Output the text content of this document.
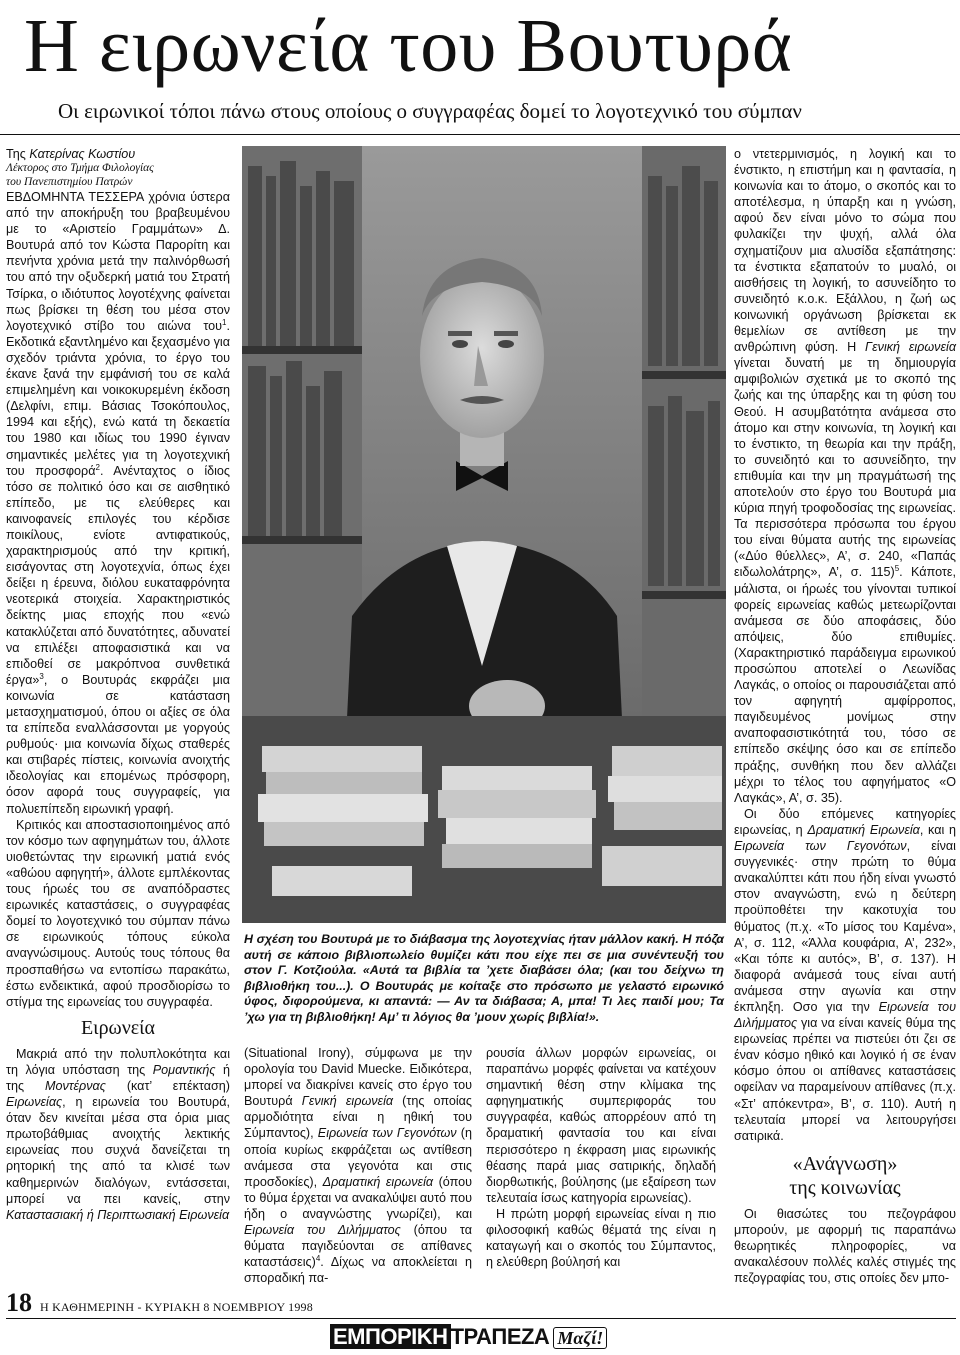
Η ειρωνεία του Βουτυρά
Οι ειρωνικοί τόποι πάνω στους οποίους ο συγγραφέας δομεί το λογοτεχνικό του σύμπαν

Της Κατερίνας Κωστίου

Λέκτορος στο Τμήμα Φιλολογίας
του Πανεπιστημίου Πατρών

ΕΒΔΟΜΗΝΤΑ ΤΕΣΣΕΡΑ χρόνια ύστερα από την αποκήρυξη του βραβευμένου με το «Αριστείο Γραμμάτων» Δ. Βουτυρά από τον Κώστα Παρορίτη και πενήντα χρόνια μετά την παλινόρθωσή του από την οξυδερκή ματιά του Στρατή Τσίρκα, ο ιδιότυπος λογοτέχνης φαίνεται πως βρίσκει τη θέση του μέσα στον λογοτεχνικό στίβο του αιώνα του$^1$. Εκδοτικά εξαντλημένο και ξεχασμένο για σχεδόν τριάντα χρόνια, το έργο του έκανε ξανά την εμφάνισή του σε καλά επιμελημένη και νοικοκυρεμένη έκδοση (Δελφίνι, επιμ. Βάσιας Τσοκόπουλος, 1994 και εξής), ενώ κατά τη δεκαετία του 1980 και ιδίως του 1990 έγιναν σημαντικές μελέτες για τη λογοτεχνική του προσφορά$^2$. Ανένταχτος ο ίδιος τόσο σε πολιτικό όσο και σε αισθητικό επίπεδο, με τις ελεύθερες και καινοφανείς επιλογές του κέρδισε ποικίλους, ενίοτε αντιφατικούς, χαρακτηρισμούς από την κριτική, εισάγοντας στη λογοτεχνία, όπως έχει δείξει η έρευνα, διόλου ευκαταφρόνητα νεοτερικά στοιχεία. Χαρακτηριστικός δείκτης μιας εποχής που «ενώ κατακλύζεται από δυνατότητες, αδυνατεί να επιλέξει αποφασιστικά και να επιδοθεί σε μακρόπνοα συνθετικά έργα»$^3$, ο Βουτυράς εκφράζει μια κοινωνία σε κατάσταση μετασχηματισμού, όπου οι αξίες σε όλα τα επίπεδα εναλλάσσονται με γοργούς ρυθμούς· μια κοινωνία δίχως σταθερές και στιβαρές πίστεις, κοινωνία ανοιχτής ιδεολογίας και επομένως πρόσφορη, όσον αφορά τους συγγραφείς, για πολυεπίπεδη ειρωνική γραφή.

Κριτικός και αποστασιοποιημένος από τον κόσμο των αφηγημάτων του, άλλοτε υιοθετώντας την ειρωνική ματιά ενός «αθώου αφηγητή», άλλοτε εμπλέκοντας τους ήρωές του σε αναπόδραστες ειρωνικές καταστάσεις, ο συγγραφέας δομεί το λογοτεχνικό του σύμπαν πάνω σε ειρωνικούς τόπους εύκολα αναγνώσιμους. Αυτούς τους τόπους θα προσπαθήσω να εντοπίσω παρακάτω, έστω ενδεικτικά, αφού προσδιορίσω το στίγμα της ειρωνείας του συγγραφέα.

Ειρωνεία

Μακριά από την πολυπλοκότητα και τη λόγια υπόσταση της Ρομαντικής ή της Μοντέρνας (κατ’ επέκταση) Ειρωνείας, η ειρωνεία του Βουτυρά, όταν δεν κινείται μέσα στα όρια μιας πρωτοβάθμιας ανοιχτής λεκτικής ειρωνείας που συχνά δανείζεται τη ρητορική της από τα κλισέ των καθημερινών διαλόγων, εντάσσεται, μπορεί να πει κανείς, στην Καταστασιακή ή Περιπτωσιακή Ειρωνεία

Η σχέση του Βουτυρά με το διάβασμα της λογοτεχνίας ήταν μάλλον κακή. Η πόζα αυτή σε κάποιο βιβλιοπωλείο θυμίζει κάτι που είχε πει σε μια συνέντευξή του στον Γ. Κοτζιούλα. «Αυτά τα βιβλία τα ’χετε διαβάσει όλα; (και του δείχνω τη βιβλιοθήκη του...). Ο Βουτυράς με κοίταξε στο πρόσωπο με γελαστό ειρωνικό ύφος, διφορούμενα, κι απαντά: — Αν τα διάβασα; Α, μπα! Τι λες παιδί μου; Τα ’χω για τη βιβλιοθήκη! Αμ’ τι λόγιος θα ’μουν χωρίς βιβλία!».

(Situational Irony), σύμφωνα με την ορολογία του David Muecke. Ειδικότερα, μπορεί να διακρίνει κανείς στο έργο του Βουτυρά Γενική ειρωνεία (της οποίας αρμοδιότητα είναι η ηθική του Σύμπαντος), Ειρωνεία των Γεγονότων (η οποία κυρίως εκφράζεται ως αντίθεση ανάμεσα στα γεγονότα και στις προσδοκίες), Δραματική ειρωνεία (όπου το θύμα έρχεται να ανακαλύψει αυτό που ήδη ο αναγνώστης γνωρίζει), και Ειρωνεία του Διλήμματος (όπου τα θύματα παγιδεύονται σε απίθανες καταστάσεις)$^4$. Δίχως να αποκλείεται η σποραδική πα-

ρουσία άλλων μορφών ειρωνείας, οι παραπάνω μορφές φαίνεται να κατέχουν σημαντική θέση στην κλίμακα της αφηγηματικής συμπεριφοράς του συγγραφέα, καθώς απορρέουν από τη δραματική φαντασία του και είναι περισσότερο η έκφραση μιας ειρωνικής θέασης παρά μιας σατιρικής, δηλαδή διορθωτικής, βούλησης (με εξαίρεση των τελευταία ίσως κατηγορία ειρωνείας).

Η πρώτη μορφή ειρωνείας είναι η πιο φιλοσοφική καθώς θέματά της είναι η καταγωγή και ο σκοπός του Σύμπαντος, η ελεύθερη βούλησή και

ο ντετερμινισμός, η λογική και το ένστικτο, η επιστήμη και η φαντασία, η κοινωνία και το άτομο, ο σκοπός και το αποτέλεσμα, η ύπαρξη και η γνώση, αφού δεν είναι μόνο το σώμα που φυλακίζει την ψυχή, αλλά όλα σχηματίζουν μια αλυσίδα εξαπάτησης: τα ένστικτα εξαπατούν το μυαλό, οι αισθήσεις τη λογική, το ασυνείδητο το συνειδητό κ.ο.κ. Εξάλλου, η ζωή ως κοινωνική οργάνωση βρίσκεται εκ θεμελίων σε αντίθεση με την ανθρώπινη φύση. Η Γενική ειρωνεία γίνεται δυνατή με τη δημιουργία αμφιβολιών σχετικά με το σκοπό της ζωής και της ύπαρξης και τη φύση του Θεού. Η ασυμβατότητα ανάμεσα στο άτομο και στην κοινωνία, τη λογική και το ένστικτο, τη θεωρία και την πράξη, το συνειδητό και το ασυνείδητο, την επιθυμία και την μη πραγμάτωσή της αποτελούν στο έργο του Βουτυρά μια κύρια πηγή τροφοδοσίας της ειρωνείας. Τα περισσότερα πρόσωπα του έργου του είναι θύματα αυτής της ειρωνείας («Δύο θύελλες», Α’, σ. 240, «Παπάς ειδωλολάτρης», Α’, σ. 115)$^5$. Κάποτε, μάλιστα, οι ήρωές του γίνονται τυπικοί φορείς ειρωνείας καθώς μετεωρίζονται ανάμεσα σε δύο αποφάσεις, δύο απόψεις, δύο επιθυμίες. (Χαρακτηριστικό παράδειγμα ειρωνικού προσώπου αποτελεί ο Λεωνίδας Λαγκάς, ο οποίος οι παρουσιάζεται από τον αφηγητή αμφίρροπος, παγιδευμένος μονίμως στην αναποφασιστικότητά του, τόσο σε επίπεδο σκέψης όσο και σε επίπεδο πράξης, συνθήκη που δεν αλλάζει μέχρι το τέλος του αφηγήματος «Ο Λαγκάς», Α’, σ. 35).

Οι δύο επόμενες κατηγορίες ειρωνείας, η Δραματική Ειρωνεία, και η Ειρωνεία των Γεγονότων, είναι συγγενικές· στην πρώτη το θύμα ανακαλύπτει κάτι που ήδη είναι γνωστό στον αναγνώστη, ενώ η δεύτερη προϋποθέτει την κακοτυχία του θύματος (π.χ. «Το μίσος του Καμένα», Α’, σ. 112, «Άλλα κουφάρια, Α’, 232», «Και τόπε κι αυτός», Β’, σ. 137). Η διαφορά ανάμεσά τους είναι αυτή ανάμεσα στην αγωνία και στην έκπληξη. Οσο για την Ειρωνεία του Διλήμματος για να είναι κανείς θύμα της ειρωνείας πρέπει να πιστεύει ότι ζει σε έναν κόσμο ηθικό και λογικό ή σε έναν κόσμο όπου οι απίθανες καταστάσεις οφείλαν να παραμείνουν απίθανες (π.χ. «Στ’ απόκεντρα», Β’, σ. 110). Αυτή η τελευταία μπορεί να λειτουργήσει σατιρικά.

«Ανάγνωση»
της κοινωνίας

Οι θιασώτες του πεζογράφου μπορούν, με αφορμή τις παραπάνω θεωρητικές πληροφορίες, να ανακαλέσουν πολλές καλές στιγμές της πεζογραφίας του, στις οποίες δεν μπο-

18 Η ΚΑΘΗΜΕΡΙΝΗ - ΚΥΡΙΑΚΗ 8 ΝΟΕΜΒΡΙΟΥ 1998
ΕΜΠΟΡΙΚΗ ΤΡΑΠΕΖΑ Μαζί!
